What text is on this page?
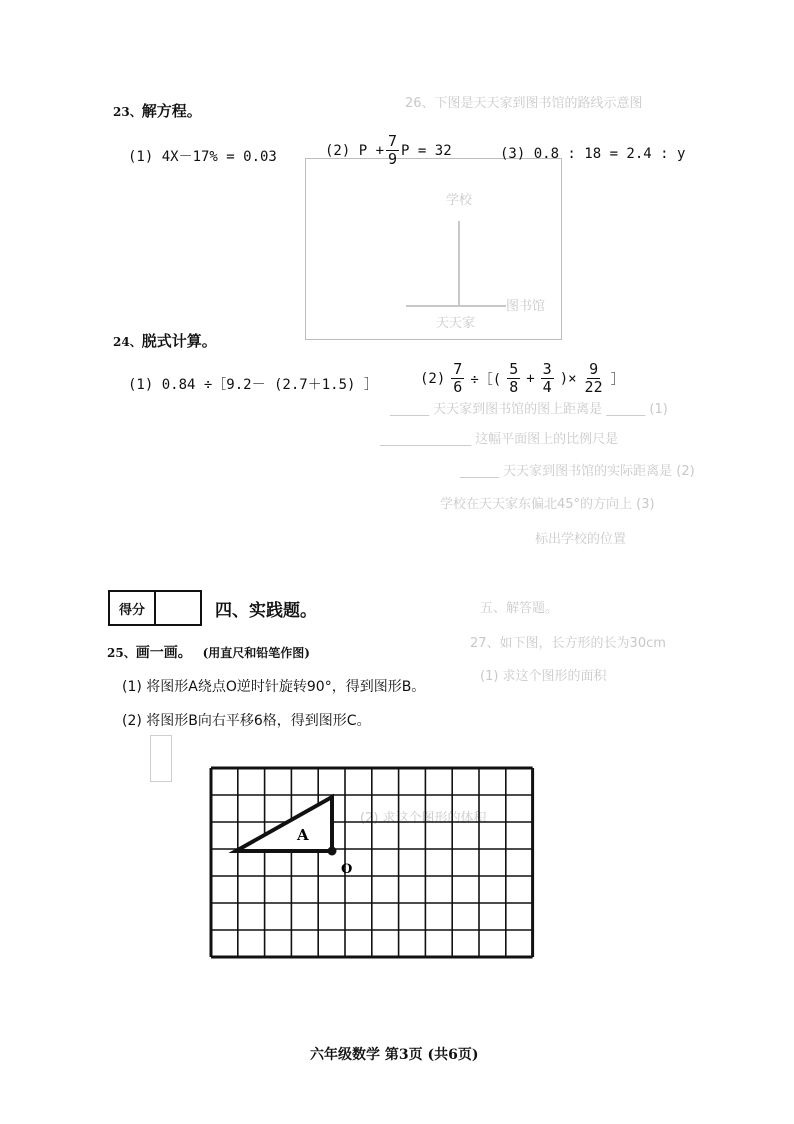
26、下图是天天家到图书馆的路线示意图
学校
图书馆
天天家
23、解方程。
(1) 4X－17% = 0.03	(2) $P + \frac{7}{9}$ P = 32	(3) 0.8 : 18 = 2.4 : y
24、脱式计算。
(1) 0.84 ÷［9.2－ (2.7＋1.5) ］	$(2) \frac{7}{6}$ ÷［( $\frac{5}{8} + \frac{3}{4}$ )× $\frac{9}{22}$ ］
______ 天天家到图书馆的图上距离是 ______ (1)
______________ 这幅平面图上的比例尺是
______ 天天家到图书馆的实际距离是 (2)
学校在天天家东偏北45°的方向上 (3)
标出学校的位置
五、解答题。
27、如下图，长方形的长为30cm
(1) 求这个图形的面积
(2) 求这个图形的体积
得分	四、实践题。
25、画一画。 (用直尺和铅笔作图)
(1) 将图形A绕点O逆时针旋转90°，得到图形B。
(2) 将图形B向右平移6格，得到图形C。
A
O
六年级数学 第3页 (共6页)
